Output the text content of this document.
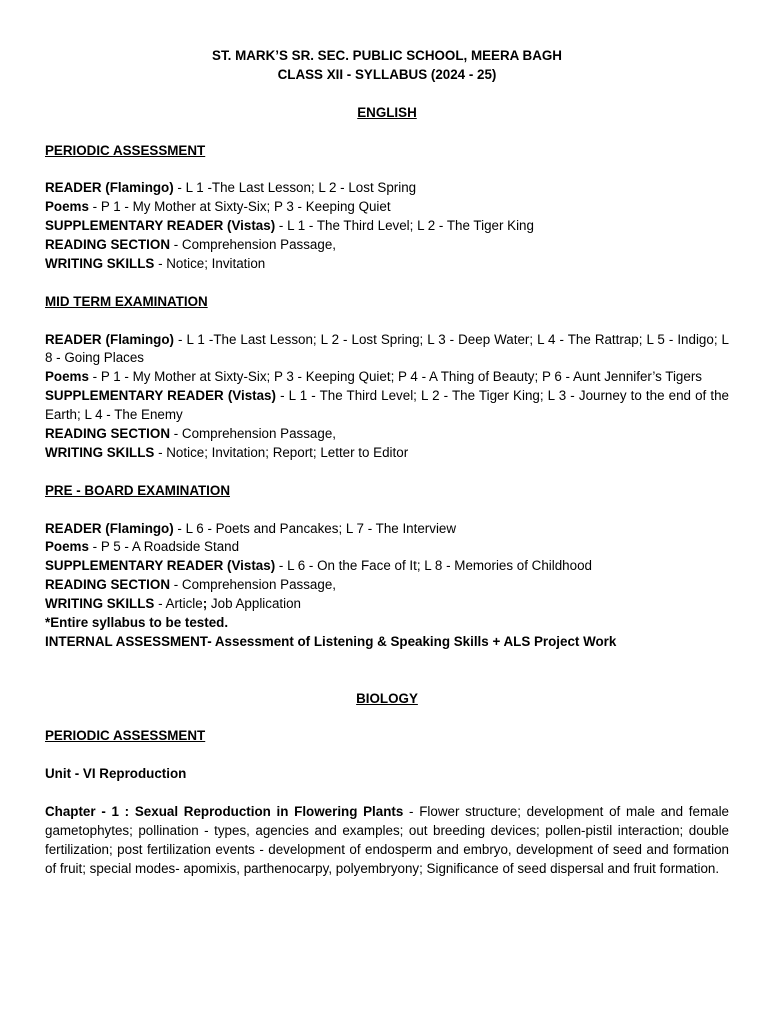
ST. MARK’S SR. SEC. PUBLIC SCHOOL, MEERA BAGH
CLASS XII - SYLLABUS (2024 - 25)
ENGLISH
PERIODIC ASSESSMENT
READER (Flamingo) - L 1 -The Last Lesson; L 2 - Lost Spring
Poems - P 1 - My Mother at Sixty-Six; P 3 - Keeping Quiet
SUPPLEMENTARY READER (Vistas) - L 1 - The Third Level; L 2 - The Tiger King
READING SECTION - Comprehension Passage,
WRITING SKILLS - Notice; Invitation
MID TERM EXAMINATION
READER (Flamingo) - L 1 -The Last Lesson; L 2 - Lost Spring; L 3 - Deep Water; L 4 - The Rattrap; L 5 - Indigo; L 8 - Going Places
Poems - P 1 - My Mother at Sixty-Six; P 3 - Keeping Quiet; P 4 - A Thing of Beauty; P 6 - Aunt Jennifer’s Tigers
SUPPLEMENTARY READER (Vistas) - L 1 - The Third Level; L 2 - The Tiger King; L 3 - Journey to the end of the Earth; L 4 - The Enemy
READING SECTION - Comprehension Passage,
WRITING SKILLS - Notice; Invitation; Report; Letter to Editor
PRE - BOARD EXAMINATION
READER (Flamingo) - L 6 - Poets and Pancakes; L 7 - The Interview
Poems - P 5 - A Roadside Stand
SUPPLEMENTARY READER (Vistas) - L 6 - On the Face of It; L 8 - Memories of Childhood
READING SECTION - Comprehension Passage,
WRITING SKILLS - Article; Job Application
*Entire syllabus to be tested.
INTERNAL ASSESSMENT- Assessment of Listening & Speaking Skills + ALS Project Work
BIOLOGY
PERIODIC ASSESSMENT
Unit - VI Reproduction
Chapter - 1 : Sexual Reproduction in Flowering Plants - Flower structure; development of male and female gametophytes; pollination - types, agencies and examples; out breeding devices; pollen-pistil interaction; double fertilization; post fertilization events - development of endosperm and embryo, development of seed and formation of fruit; special modes- apomixis, parthenocarpy, polyembryony; Significance of seed dispersal and fruit formation.
